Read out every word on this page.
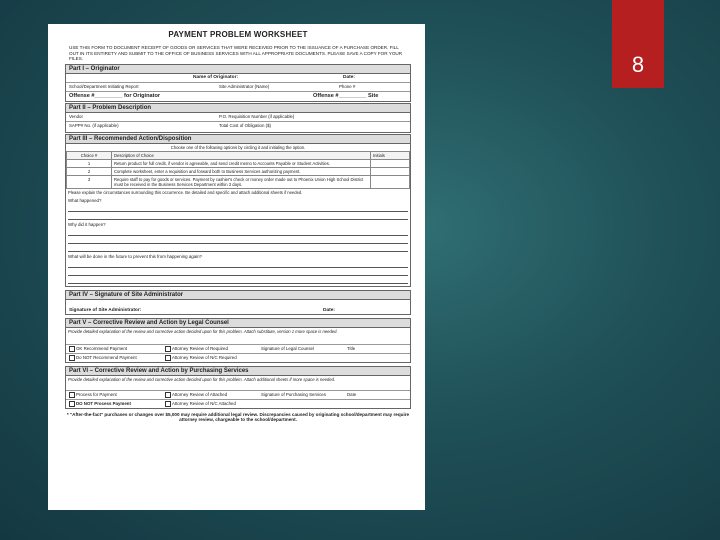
8
PAYMENT PROBLEM WORKSHEET
USE THIS FORM TO DOCUMENT RECEIPT OF GOODS OR SERVICES THAT WERE RECEIVED PRIOR TO THE ISSUANCE OF A PURCHASE ORDER. FILL OUT IN ITS ENTIRETY AND SUBMIT TO THE OFFICE OF BUSINESS SERVICES WITH ALL APPROPRIATE DOCUMENTS. PLEASE SAVE A COPY FOR YOUR FILES.
Part I – Originator
Name of Originator:	Date:
School/Department Initiating Report	Site Administrator (Name)	Phone #
Offense #_________ for Originator	Offense #_________ Site
Part II – Problem Description
Vendor	P.O. Requisition Number (if applicable)
SAPP# No. (if applicable)	Total Cost of Obligation ($)
Part III – Recommended Action/Disposition
Choose one of the following options by circling it and initialing the option.
Choice #	Description of Choice	Initials
1	Return product for full credit, if vendor is agreeable, and send credit memo to Accounts Payable or Student Activities.	
2	Complete worksheet, enter a requisition and forward both to Business Services authorizing payment.	
3	Require staff to pay for goods or services. Payment by cashier's check or money order made out to Phoenix Union High School District must be received in the Business Services Department within 3 days.	
Please explain the circumstances surrounding this occurrence. Be detailed and specific and attach additional sheets if needed.
What happened?
Why did it happen?
What will be done in the future to prevent this from happening again?
Part IV – Signature of Site Administrator
Signature of Site Administrator:	Date:
Part V – Corrective Review and Action by Legal Counsel
Provide detailed explanation of the review and corrective action decided upon for this problem. Attach substitute, version 1 more space is needed.
OK Recommend Payment	Attorney Review of Required	Signature of Legal Counsel	Title
Do NOT Recommend Payment	Attorney Review of N/C Required
Part VI – Corrective Review and Action by Purchasing Services
Provide detailed explanation of the review and corrective action decided upon for this problem. Attach additional sheets if more space is needed.
Process for Payment	Attorney Review of Attached	Signature of Purchasing Services	Date
DO NOT Process Payment	Attorney Review of N/C Attached
* "After-the-fact" purchases or changes over $5,000 may require additional legal review. Discrepancies caused by originating school/department may require attorney review, chargeable to the school/department.
